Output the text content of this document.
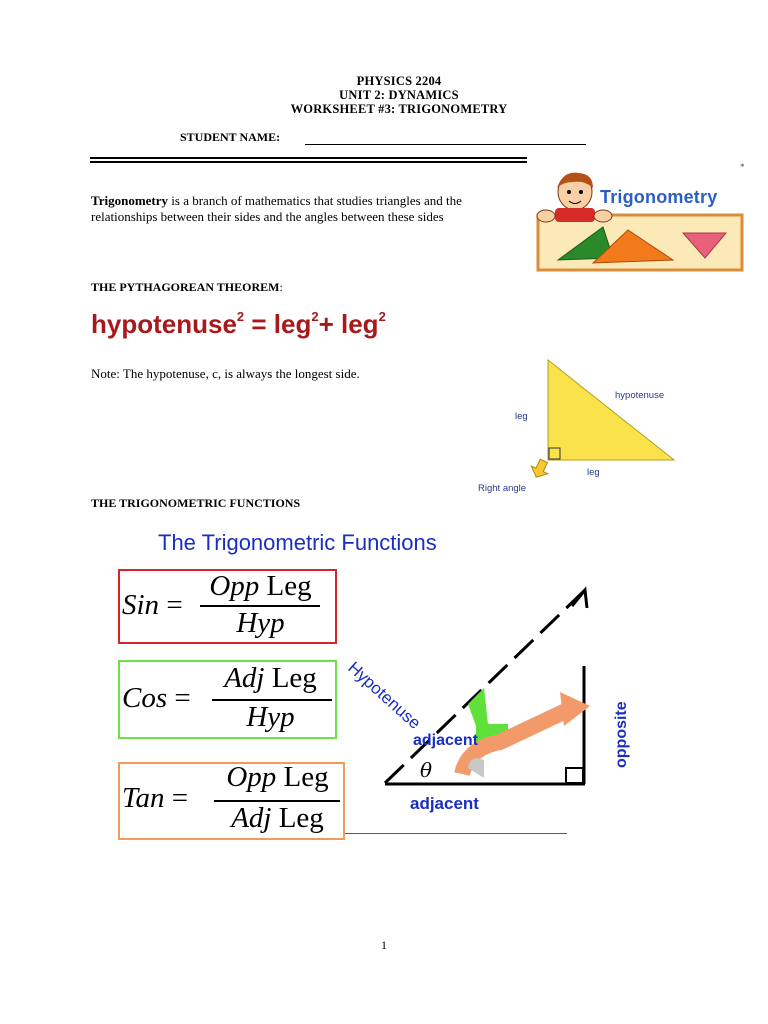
PHYSICS 2204
UNIT 2: DYNAMICS
WORKSHEET #3: TRIGONOMETRY
STUDENT NAME:
Trigonometry is a branch of mathematics that studies triangles and the relationships between their sides and the angles between these sides
*
Trigonometry
THE PYTHAGOREAN THEOREM:
hypotenuse$^2$ = leg$^2$+ leg$^2$
Note: The hypotenuse, c, is always the longest side.
hypotenuse
leg
leg
Right angle
THE TRIGONOMETRIC FUNCTIONS
The Trigonometric Functions
Sin =
Opp Leg
Hyp
Cos =
Adj Leg
Hyp
Tan =
Opp Leg
Adj Leg
Hypotenuse
opposite
adjacent
θ
adjacent
1
